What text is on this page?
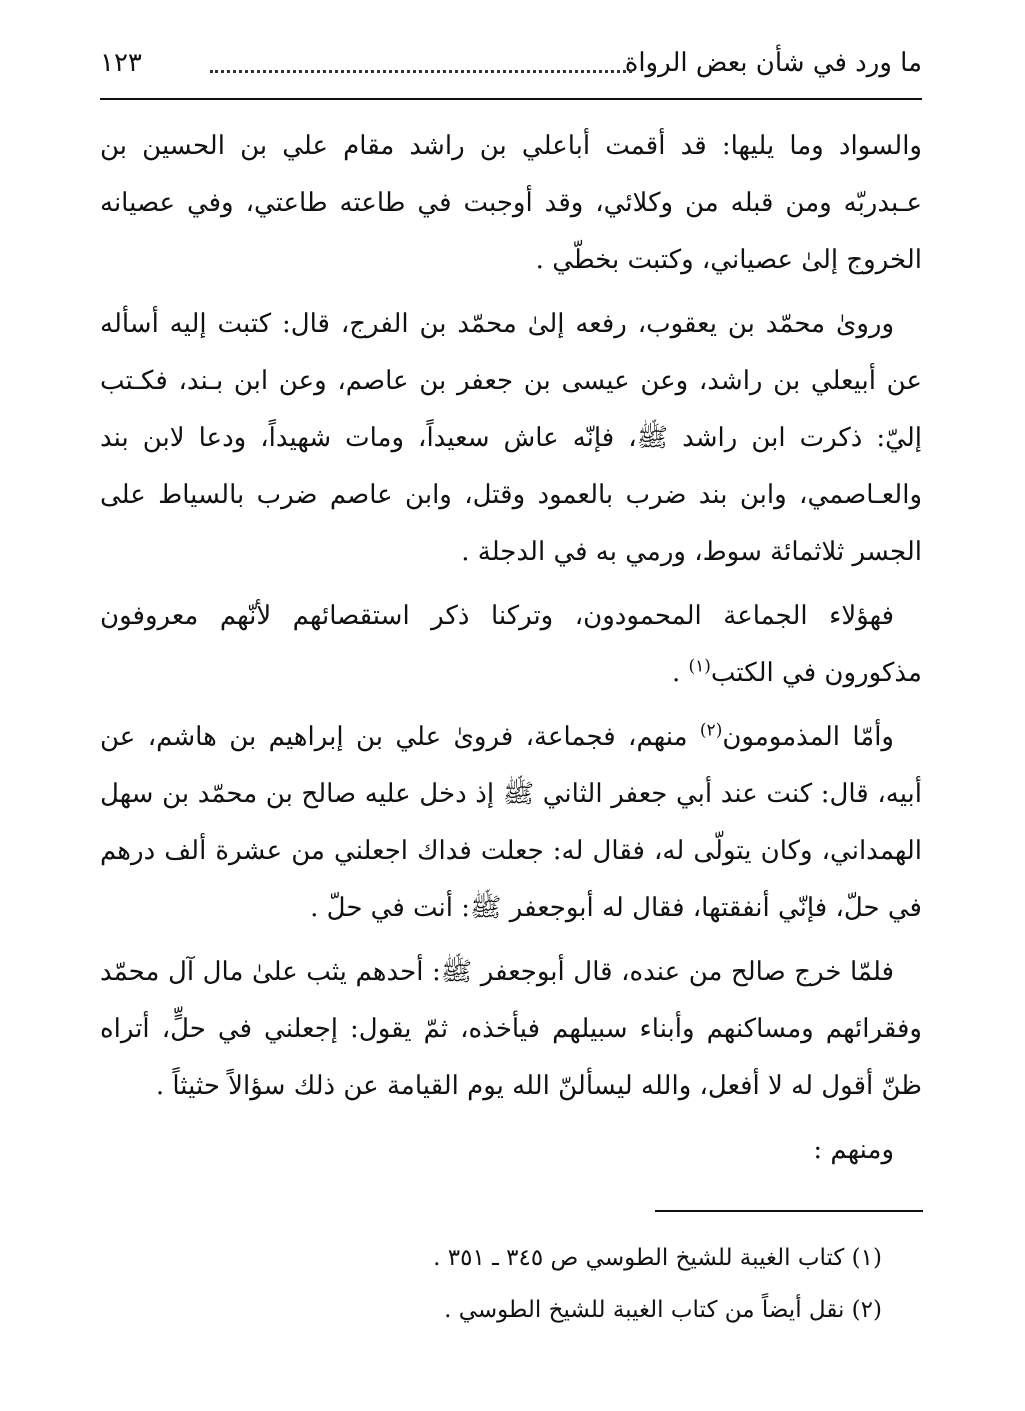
ما ورد في شأن بعض الرواة
١٢٣

والسواد وما يليها: قد أقمت أباعلي بن راشد مقام علي بن الحسين بن عـبدربّه ومن قبله من وكلائي، وقد أوجبت في طاعته طاعتي، وفي عصيانه الخروج إلىٰ عصياني، وكتبت بخطّي .

ورویٰ محمّد بن يعقوب، رفعه إلىٰ محمّد بن الفرج، قال: كتبت إليه أسأله عن أبيعلي بن راشد، وعن عيسى بن جعفر بن عاصم، وعن ابن بـند، فكـتب إليّ: ذكرت ابن راشد ﷺ، فإنّه عاش سعيداً، ومات شهيداً، ودعا لابن بند والعـاصمي، وابن بند ضرب بالعمود وقتل، وابن عاصم ضرب بالسياط على الجسر ثلاثمائة سوط، ورمي به في الدجلة .

فهؤلاء الجماعة المحمودون، وتركنا ذكر استقصائهم لأنّهم معروفون مذكورون في الكتب$^{(١)}$ .

وأمّا المذمومون$^{(٢)}$ منهم، فجماعة، فرویٰ علي بن إبراهيم بن هاشم، عن أبيه، قال: كنت عند أبي جعفر الثاني ﷺ إذ دخل عليه صالح بن محمّد بن سهل الهمداني، وكان يتولّى له، فقال له: جعلت فداك اجعلني من عشرة ألف درهم في حلّ، فإنّي أنفقتها، فقال له أبوجعفر ﷺ: أنت في حلّ .

فلمّا خرج صالح من عنده، قال أبوجعفر ﷺ: أحدهم يثب علىٰ مال آل محمّد وفقرائهم ومساكنهم وأبناء سبيلهم فيأخذه، ثمّ يقول: إجعلني في حلٍّ، أتراه ظنّ أقول له لا أفعل، والله ليسألنّ الله يوم القيامة عن ذلك سؤالاً حثيثاً .

ومنهم :

(١) كتاب الغيبة للشيخ الطوسي ص ٣٤٥ ـ ٣٥١ .

(٢) نقل أيضاً من كتاب الغيبة للشيخ الطوسي .
